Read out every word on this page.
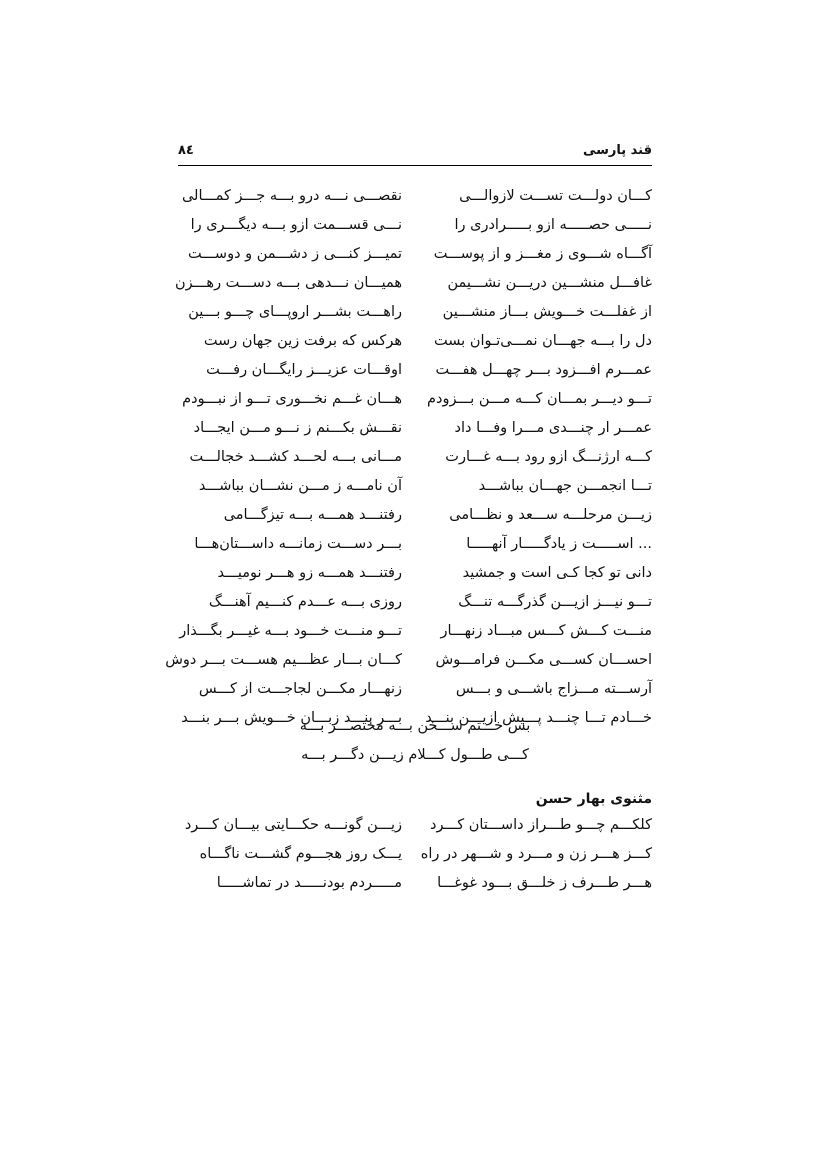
قند پارسی
۸٤
کـــان دولـــت تســـت لازوالـــی
نقصـــی نـــه درو بـــه جـــز کمـــالی
نـــــی حصـــــه ازو بـــــرادری را
نـــی قســـمت ازو بـــه دیگـــری را
آگـــاه شـــوی ز مغـــز و از پوســـت
تمیـــز کنـــی ز دشـــمن و دوســـت
غافـــل منشـــین دریـــن نشـــیمن
همیـــان نـــدهی بـــه دســـت رهـــزن
از غفلـــت خـــویش بـــاز منشـــین
راهـــت بشـــر اروپـــای چـــو بـــین
دل را بـــه جهـــان نمـــی‌تـوان بست
هرکس که برفت زین جهان رست
عمـــرم افـــزود بـــر چهـــل هفـــت
اوقـــات عزیـــز رایگـــان رفـــت
تـــو دیـــر بمـــان کـــه مـــن بـــزودم
هـــان غـــم نخـــوری تـــو از نبـــودم
عمـــر ار چنـــدی مـــرا وفـــا داد
نقـــش بکـــنم ز نـــو مـــن ایجـــاد
کـــه ارژنـــگ ازو رود بـــه غـــارت
مـــانی بـــه لحـــد کشـــد خجالـــت
تـــا انجمـــن جهـــان بباشـــد
آن نامـــه ز مـــن نشـــان بباشـــد
زیـــن مرحلـــه ســـعد و نظـــامی
رفتنـــد همـــه بـــه تیزگـــامی
... اســـــت ز یادگـــــار آنهـــــا
بـــر دســـت زمانـــه داســـتان‌هـــا
دانی تو کجا کـی است و جمشید
رفتنـــد همـــه زو هـــر نومیـــد
تـــو نیـــز ازیـــن گذرگـــه تنـــگ
روزی بـــه عـــدم کنـــیم آهنـــگ
منـــت کـــش کـــس مبـــاد زنهـــار
تـــو منـــت خـــود بـــه غیـــر بگـــذار
احســـان کســـی مکـــن فرامـــوش
کـــان بـــار عظـــیم هســـت بـــر دوش
آرســـته مـــزاج باشـــی و بـــس
زنهـــار مکـــن لجاجـــت از کـــس
خـــادم تـــا چنـــد پـــیش ازیـــن بنـــد
بـــر بنـــد زبـــان خـــویش بـــر بنـــد
بس خـــتم ســـخن بـــه مختصـــر بـــه
کـــی طـــول کـــلام زیـــن دگـــر بـــه
مثنوی بهار حسن
کلکـــم چـــو طـــراز داســـتان کـــرد
زیـــن گونـــه حکـــایتی بیـــان کـــرد
کـــز هـــر زن و مـــرد و شـــهر در راه
یـــک روز هجـــوم گشـــت ناگـــاه
هـــر طـــرف ز خلـــق بـــود غوغـــا
مـــــردم بودنـــــد در تماشـــــا
